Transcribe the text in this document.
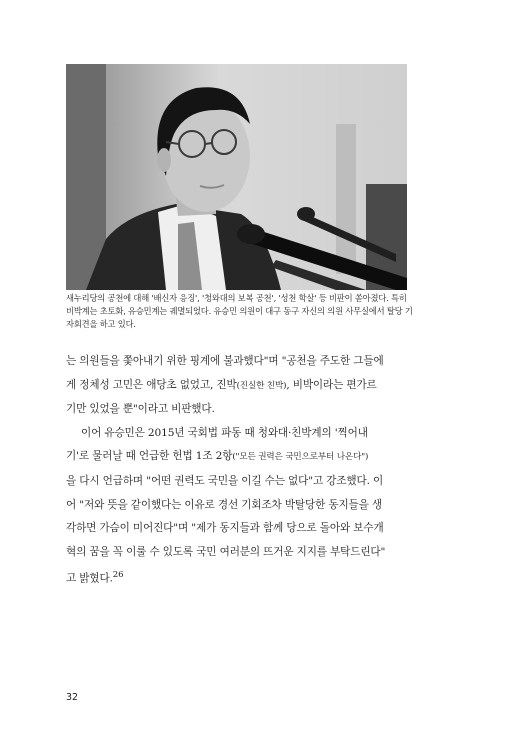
ⓒ 연합뉴스
새누리당의 공천에 대해 '배신자 응징', '청와대의 보복 공천', '성천 학살' 등 비판이 쏟아졌다. 특히
비박계는 초토화, 유승민계는 궤멸되었다. 유승민 의원이 대구 동구 자신의 의원 사무실에서 탈당 기
자회견을 하고 있다.
는 의원들을 쫓아내기 위한 핑계에 불과했다"며 "공천을 주도한 그들에
게 정체성 고민은 애당초 없었고, 진박(진실한 친박), 비박이라는 편가르
기만 있었을 뿐"이라고 비판했다.
이어 유승민은 2015년 국회법 파동 때 청와대·친박계의 '찍어내
기'로 물러날 때 언급한 헌법 1조 2항("모든 권력은 국민으로부터 나온다")
을 다시 언급하며 "어떤 권력도 국민을 이길 수는 없다"고 강조했다. 이
어 "저와 뜻을 같이했다는 이유로 경선 기회조차 박탈당한 동지들을 생
각하면 가슴이 미어진다"며 "제가 동지들과 함께 당으로 돌아와 보수개
혁의 꿈을 꼭 이룰 수 있도록 국민 여러분의 뜨거운 지지를 부탁드린다"
고 밝혔다.$^{26}$
32
